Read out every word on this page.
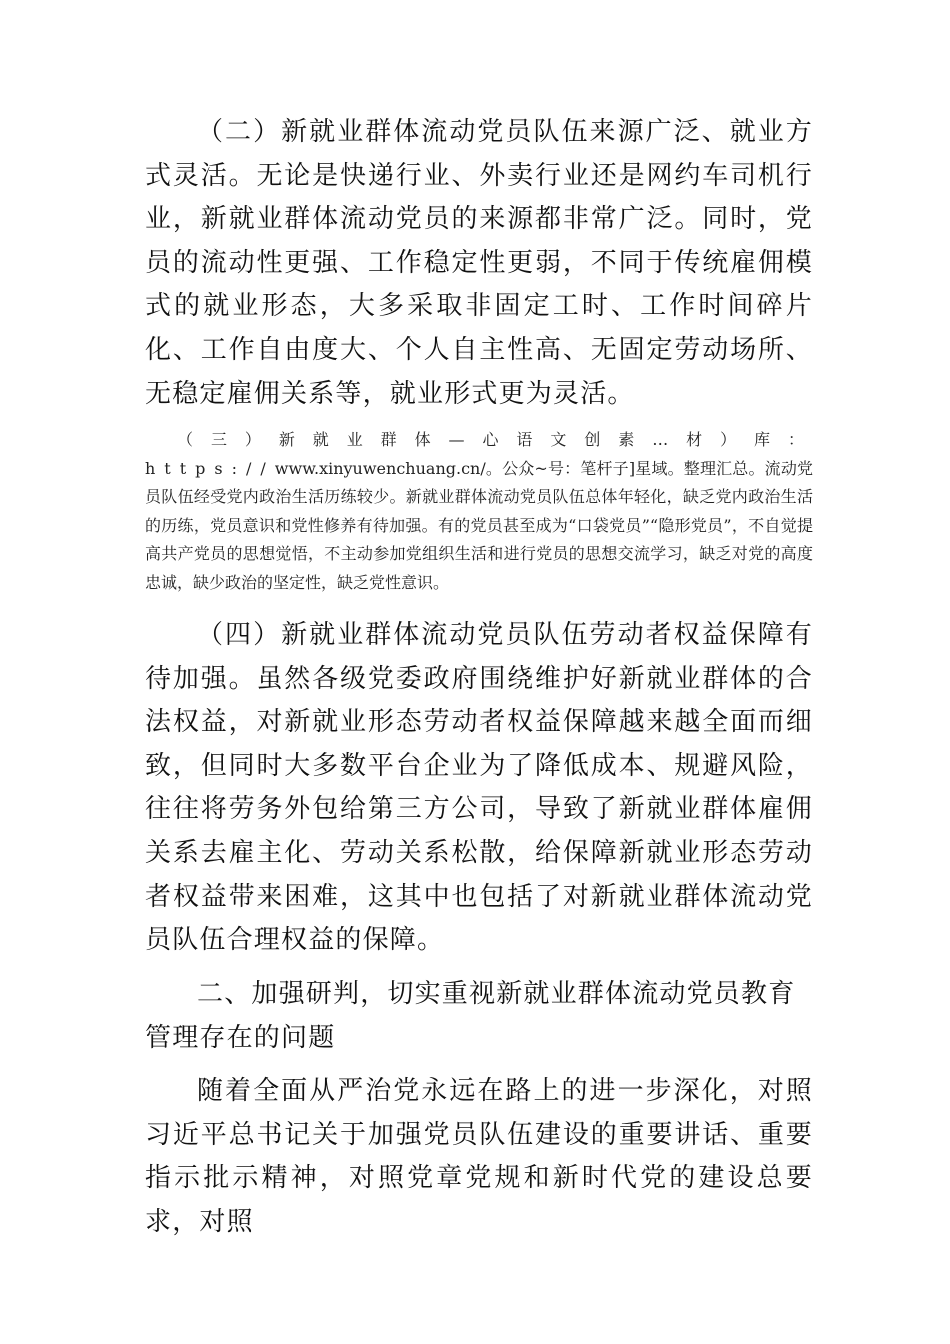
（二）新就业群体流动党员队伍来源广泛、就业方式灵活。无论是快递行业、外卖行业还是网约车司机行业，新就业群体流动党员的来源都非常广泛。同时，党员的流动性更强、工作稳定性更弱，不同于传统雇佣模式的就业形态，大多采取非固定工时、工作时间碎片化、工作自由度大、个人自主性高、无固定劳动场所、无稳定雇佣关系等，就业形式更为灵活。

（三）新就业群体—心语文创素…材）库：https://www.xinyuwenchuang.cn/。公众~号：笔杆子]星域。整理汇总。流动党员队伍经受党内政治生活历练较少。新就业群体流动党员队伍总体年轻化，缺乏党内政治生活的历练，党员意识和党性修养有待加强。有的党员甚至成为“口袋党员”“隐形党员”，不自觉提高共产党员的思想觉悟，不主动参加党组织生活和进行党员的思想交流学习，缺乏对党的高度忠诚，缺少政治的坚定性，缺乏党性意识。

（四）新就业群体流动党员队伍劳动者权益保障有待加强。虽然各级党委政府围绕维护好新就业群体的合法权益，对新就业形态劳动者权益保障越来越全面而细致，但同时大多数平台企业为了降低成本、规避风险，往往将劳务外包给第三方公司，导致了新就业群体雇佣关系去雇主化、劳动关系松散，给保障新就业形态劳动者权益带来困难，这其中也包括了对新就业群体流动党员队伍合理权益的保障。

二、加强研判，切实重视新就业群体流动党员教育管理存在的问题

随着全面从严治党永远在路上的进一步深化，对照习近平总书记关于加强党员队伍建设的重要讲话、重要指示批示精神，对照党章党规和新时代党的建设总要求，对照
